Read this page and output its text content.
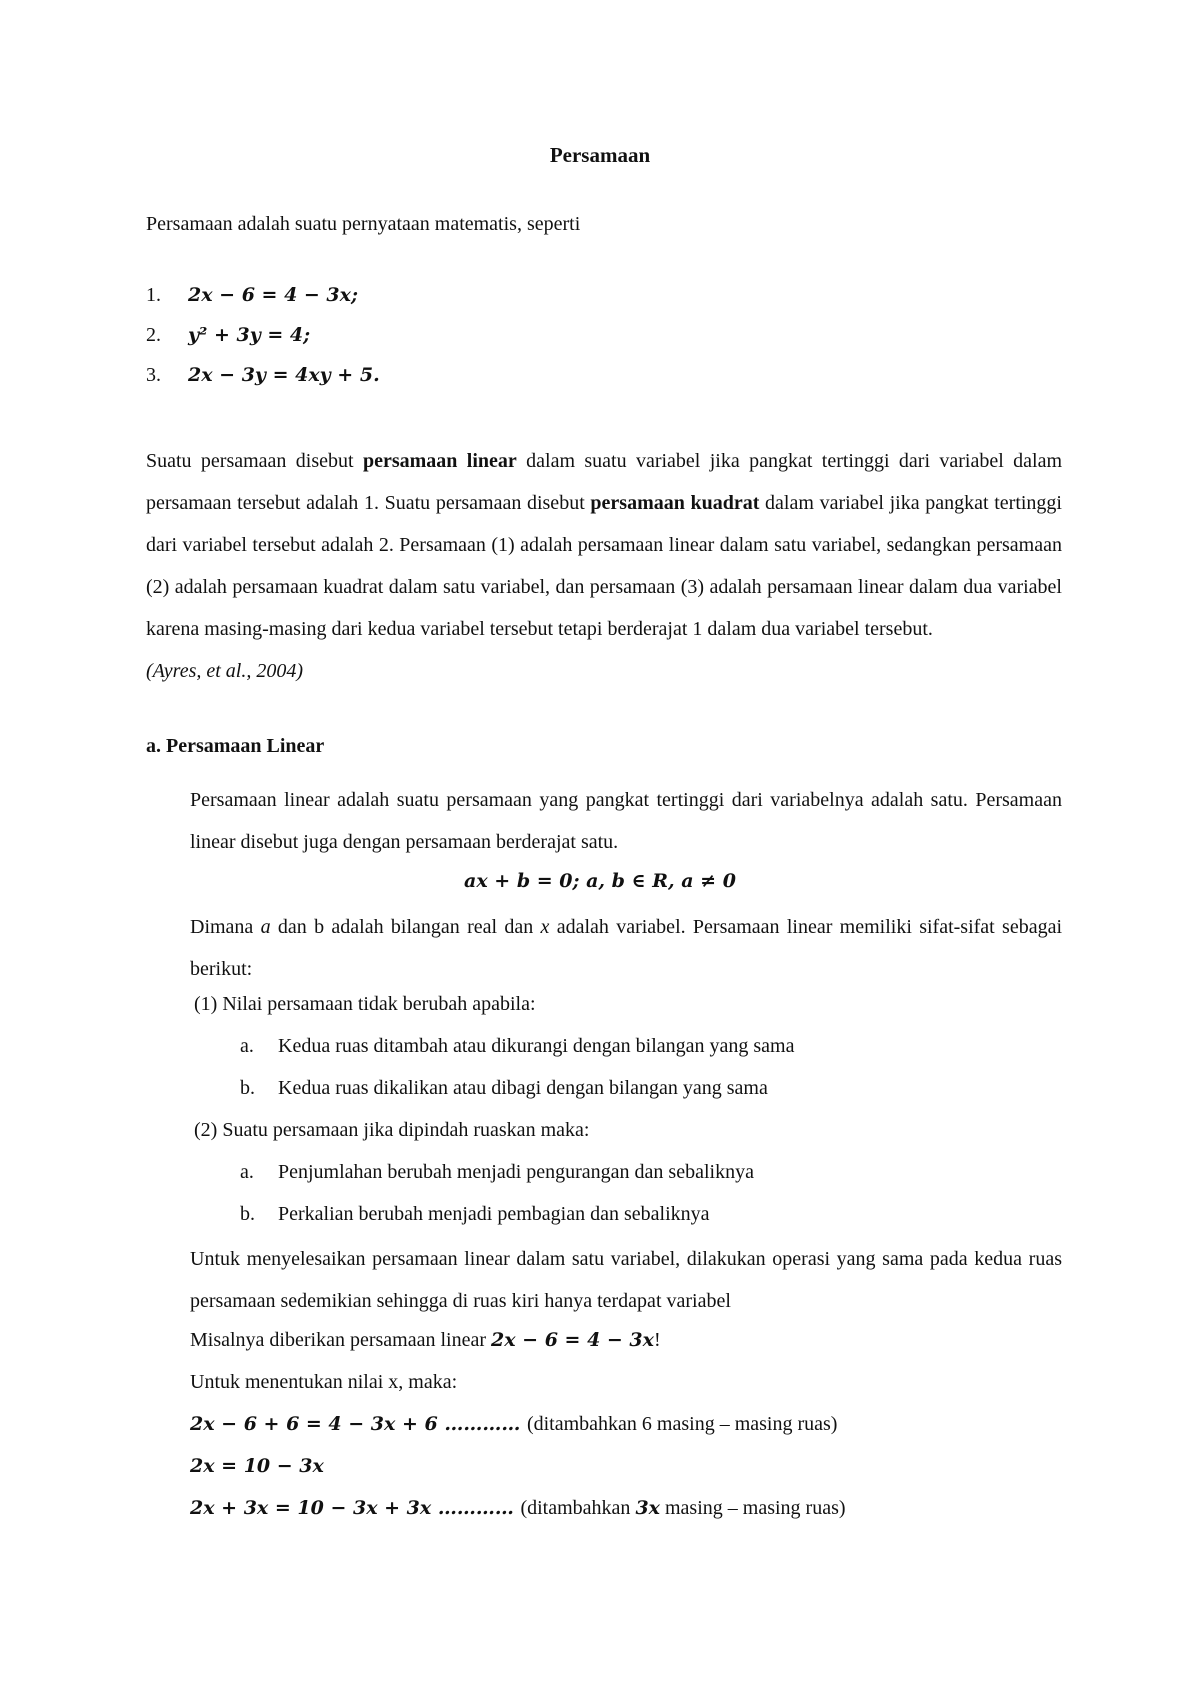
Persamaan
Persamaan adalah suatu pernyataan matematis, seperti
1.	2x − 6 = 4 − 3x;
2.	y² + 3y = 4;
3.	2x − 3y = 4xy + 5.

Suatu persamaan disebut persamaan linear dalam suatu variabel jika pangkat tertinggi dari variabel dalam persamaan tersebut adalah 1. Suatu persamaan disebut persamaan kuadrat dalam variabel jika pangkat tertinggi dari variabel tersebut adalah 2. Persamaan (1) adalah persamaan linear dalam satu variabel, sedangkan persamaan (2) adalah persamaan kuadrat dalam satu variabel, dan persamaan (3) adalah persamaan linear dalam dua variabel karena masing-masing dari kedua variabel tersebut tetapi berderajat 1 dalam dua variabel tersebut.
(Ayres, et al., 2004)

a. Persamaan Linear

Persamaan linear adalah suatu persamaan yang pangkat tertinggi dari variabelnya adalah satu. Persamaan linear disebut juga dengan persamaan berderajat satu.

ax + b = 0; a, b ∈ R, a ≠ 0

Dimana a dan b adalah bilangan real dan x adalah variabel. Persamaan linear memiliki sifat-sifat sebagai berikut:

(1) Nilai persamaan tidak berubah apabila:
a. Kedua ruas ditambah atau dikurangi dengan bilangan yang sama
b. Kedua ruas dikalikan atau dibagi dengan bilangan yang sama
(2) Suatu persamaan jika dipindah ruaskan maka:
a. Penjumlahan berubah menjadi pengurangan dan sebaliknya
b. Perkalian berubah menjadi pembagian dan sebaliknya

Untuk menyelesaikan persamaan linear dalam satu variabel, dilakukan operasi yang sama pada kedua ruas persamaan sedemikian sehingga di ruas kiri hanya terdapat variabel

Misalnya diberikan persamaan linear 2x − 6 = 4 − 3x!
Untuk menentukan nilai x, maka:
2x − 6 + 6 = 4 − 3x + 6 ………… (ditambahkan 6 masing – masing ruas)
2x = 10 − 3x
2x + 3x = 10 − 3x + 3x ………… (ditambahkan 3x masing – masing ruas)
